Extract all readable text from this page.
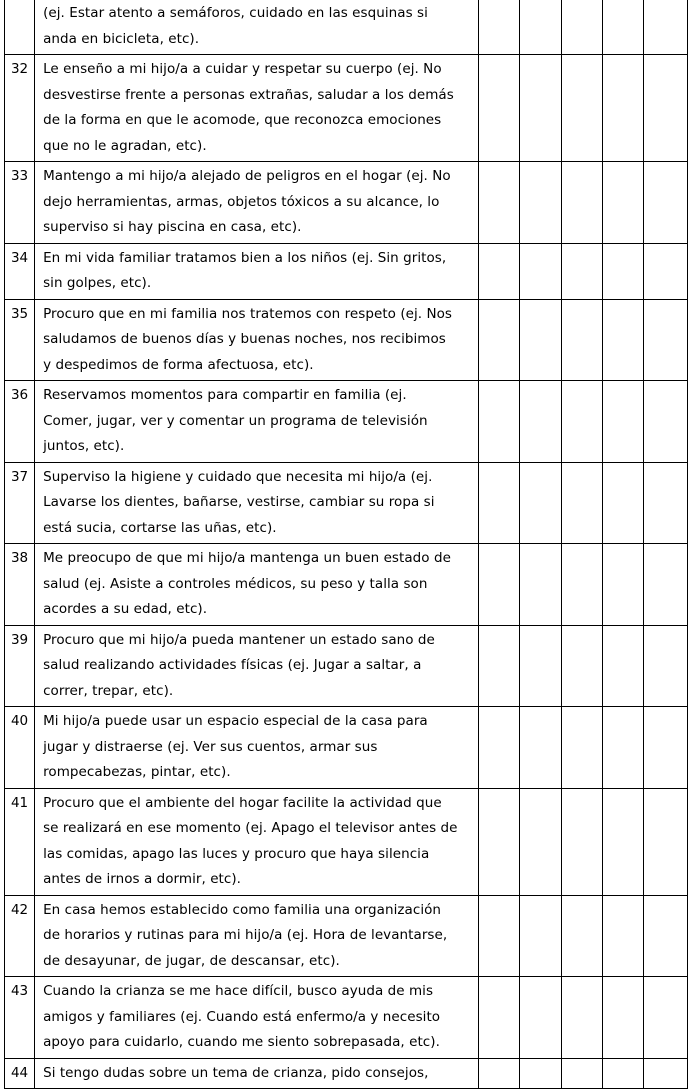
	(ej. Estar atento a semáforos, cuidado en las esquinas si
anda en bicicleta, etc).					

32	Le enseño a mi hijo/a a cuidar y respetar su cuerpo (ej. No
desvestirse frente a personas extrañas, saludar a los demás
de la forma en que le acomode, que reconozca emociones
que no le agradan, etc).					

33	Mantengo a mi hijo/a alejado de peligros en el hogar (ej. No
dejo herramientas, armas, objetos tóxicos a su alcance, lo
superviso si hay piscina en casa, etc).					

34	En mi vida familiar tratamos bien a los niños (ej. Sin gritos,
sin golpes, etc).					

35	Procuro que en mi familia nos tratemos con respeto (ej. Nos
saludamos de buenos días y buenas noches, nos recibimos
y despedimos de forma afectuosa, etc).					

36	Reservamos momentos para compartir en familia (ej.
Comer, jugar, ver y comentar un programa de televisión
juntos, etc).					

37	Superviso la higiene y cuidado que necesita mi hijo/a (ej.
Lavarse los dientes, bañarse, vestirse, cambiar su ropa si
está sucia, cortarse las uñas, etc).					

38	Me preocupo de que mi hijo/a mantenga un buen estado de
salud (ej. Asiste a controles médicos, su peso y talla son
acordes a su edad, etc).					

39	Procuro que mi hijo/a pueda mantener un estado sano de
salud realizando actividades físicas (ej. Jugar a saltar, a
correr, trepar, etc).					

40	Mi hijo/a puede usar un espacio especial de la casa para
jugar y distraerse (ej. Ver sus cuentos, armar sus
rompecabezas, pintar, etc).					

41	Procuro que el ambiente del hogar facilite la actividad que
se realizará en ese momento (ej. Apago el televisor antes de
las comidas, apago las luces y procuro que haya silencia
antes de irnos a dormir, etc).					

42	En casa hemos establecido como familia una organización
de horarios y rutinas para mi hijo/a (ej. Hora de levantarse,
de desayunar, de jugar, de descansar, etc).					

43	Cuando la crianza se me hace difícil, busco ayuda de mis
amigos y familiares (ej. Cuando está enfermo/a y necesito
apoyo para cuidarlo, cuando me siento sobrepasada, etc).					

44	Si tengo dudas sobre un tema de crianza, pido consejos,					
